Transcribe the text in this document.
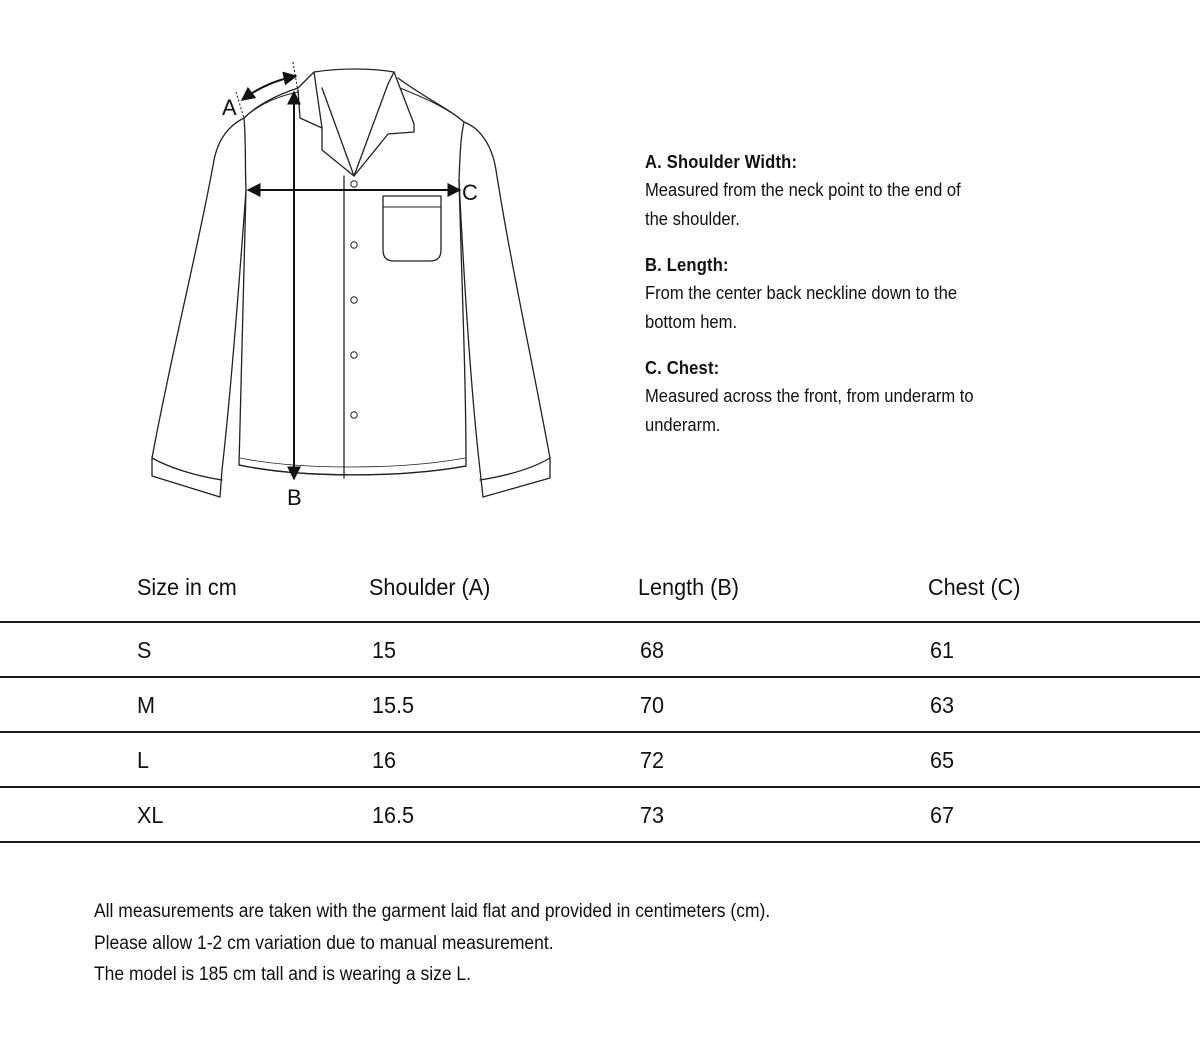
A
B
C
A. Shoulder Width:
Measured from the neck point to the end of the shoulder.
B. Length:
From the center back neckline down to the bottom hem.
C. Chest:
Measured across the front, from underarm to underarm.
Size in cm	Shoulder (A)	Length (B)	Chest (C)
S	15	68	61
M	15.5	70	63
L	16	72	65
XL	16.5	73	67
All measurements are taken with the garment laid flat and provided in centimeters (cm).
Please allow 1-2 cm variation due to manual measurement.
The model is 185 cm tall and is wearing a size L.
